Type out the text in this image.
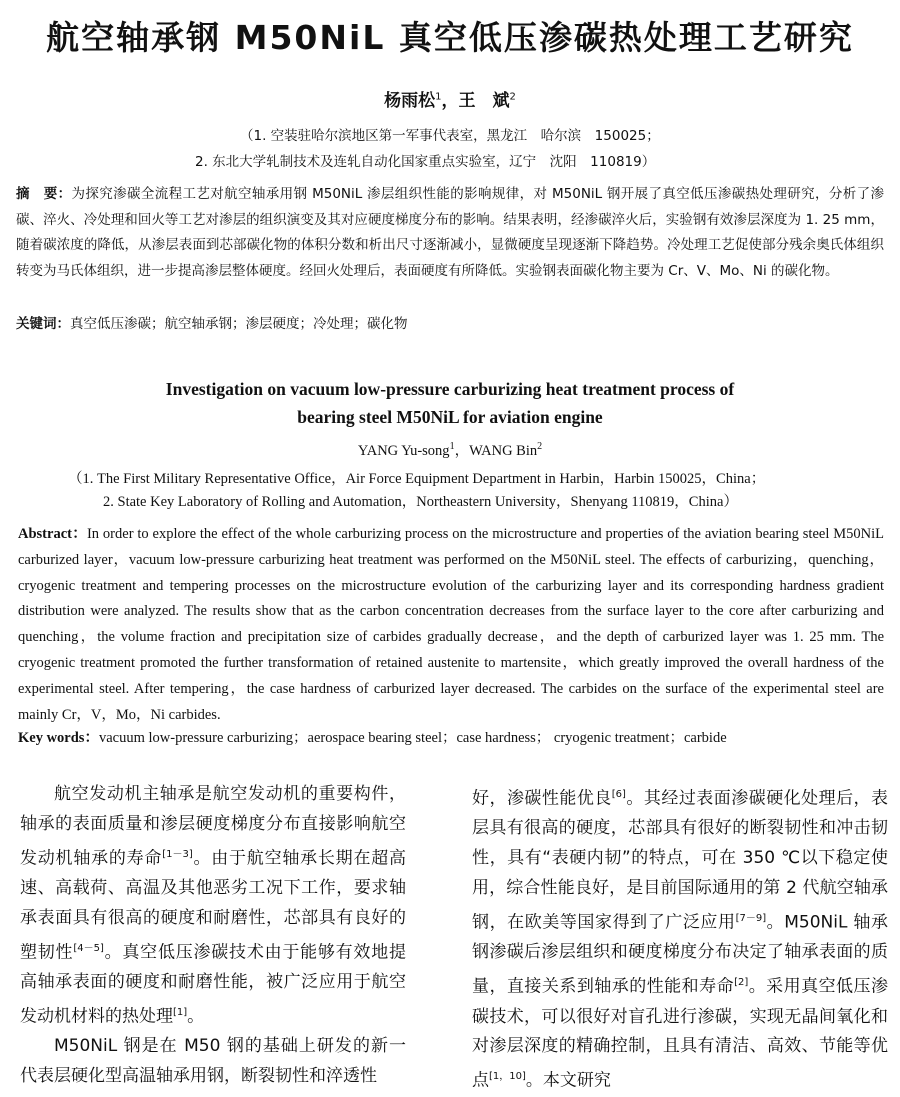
航空轴承钢 M50NiL 真空低压渗碳热处理工艺研究
杨雨松$^1$，王　斌$^2$
（1. 空装驻哈尔滨地区第一军事代表室，黑龙江　哈尔滨　150025；
2. 东北大学轧制技术及连轧自动化国家重点实验室，辽宁　沈阳　110819）
摘　要：为探究渗碳全流程工艺对航空轴承用钢 M50NiL 渗层组织性能的影响规律，对 M50NiL 钢开展了真空低压渗碳热处理研究，分析了渗碳、淬火、冷处理和回火等工艺对渗层的组织演变及其对应硬度梯度分布的影响。结果表明，经渗碳淬火后，实验钢有效渗层深度为 1. 25 mm，随着碳浓度的降低，从渗层表面到芯部碳化物的体积分数和析出尺寸逐渐减小，显微硬度呈现逐渐下降趋势。冷处理工艺促使部分残余奥氏体组织转变为马氏体组织，进一步提高渗层整体硬度。经回火处理后，表面硬度有所降低。实验钢表面碳化物主要为 Cr、V、Mo、Ni 的碳化物。
关键词：真空低压渗碳；航空轴承钢；渗层硬度；冷处理；碳化物
Investigation on vacuum low-pressure carburizing heat treatment process of
bearing steel M50NiL for aviation engine
YANG Yu-song$^1$，WANG Bin$^2$
（1. The First Military Representative Office，Air Force Equipment Department in Harbin，Harbin 150025，China；
2. State Key Laboratory of Rolling and Automation，Northeastern University，Shenyang 110819，China）
Abstract：In order to explore the effect of the whole carburizing process on the microstructure and properties of the aviation bearing steel M50NiL carburized layer，vacuum low-pressure carburizing heat treatment was performed on the M50NiL steel. The effects of carburizing，quenching，cryogenic treatment and tempering processes on the microstructure evolution of the carburizing layer and its corresponding hardness gradient distribution were analyzed. The results show that as the carbon concentration decreases from the surface layer to the core after carburizing and quenching，the volume fraction and precipitation size of carbides gradually decrease，and the depth of carburized layer was 1. 25 mm. The cryogenic treatment promoted the further transformation of retained austenite to martensite，which greatly improved the overall hardness of the experimental steel. After tempering，the case hardness of carburized layer decreased. The carbides on the surface of the experimental steel are mainly Cr，V，Mo，Ni carbides.
Key words：vacuum low-pressure carburizing；aerospace bearing steel；case hardness； cryogenic treatment；carbide

航空发动机主轴承是航空发动机的重要构件，轴承的表面质量和渗层硬度梯度分布直接影响航空发动机轴承的寿命[1－3]。由于航空轴承长期在超高速、高载荷、高温及其他恶劣工况下工作，要求轴承表面具有很高的硬度和耐磨性，芯部具有良好的塑韧性[4－5]。真空低压渗碳技术由于能够有效地提高轴承表面的硬度和耐磨性能，被广泛应用于航空发动机材料的热处理[1]。

M50NiL 钢是在 M50 钢的基础上研发的新一代表层硬化型高温轴承用钢，断裂韧性和淬透性

好，渗碳性能优良[6]。其经过表面渗碳硬化处理后，表层具有很高的硬度，芯部具有很好的断裂韧性和冲击韧性，具有“表硬内韧”的特点，可在 350 ℃以下稳定使用，综合性能良好，是目前国际通用的第 2 代航空轴承钢，在欧美等国家得到了广泛应用[7－9]。M50NiL 轴承钢渗碳后渗层组织和硬度梯度分布决定了轴承表面的质量，直接关系到轴承的性能和寿命[2]。采用真空低压渗碳技术，可以很好对盲孔进行渗碳，实现无晶间氧化和对渗层深度的精确控制，且具有清洁、高效、节能等优点[1，10]。本文研究
